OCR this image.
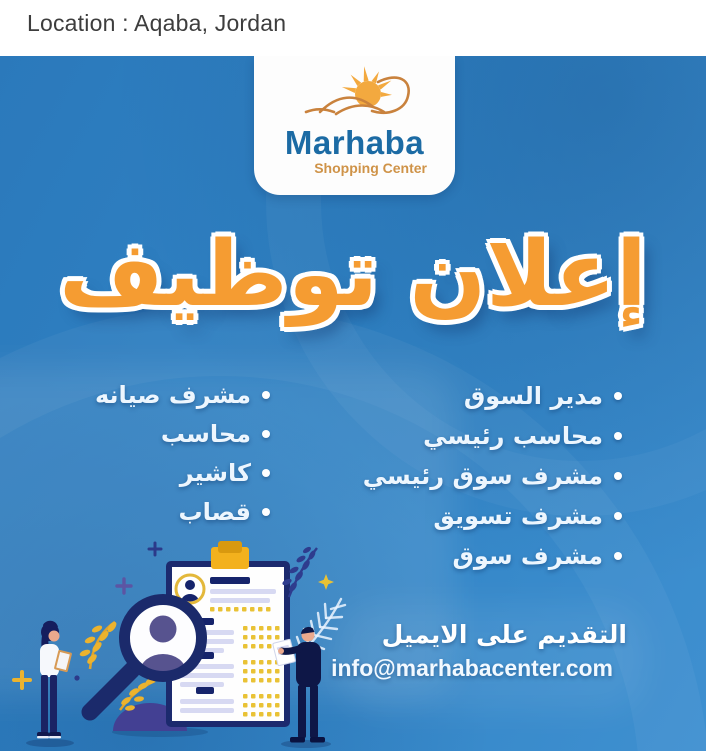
Location : Aqaba, Jordan
Marhaba
Shopping Center
إعلان توظيف
مدير السوق
محاسب رئيسي
مشرف سوق رئيسي
مشرف تسويق
مشرف سوق
مشرف صيانه
محاسب
كاشير
قصاب
التقديم على الايميل
info@marhabacenter.com
